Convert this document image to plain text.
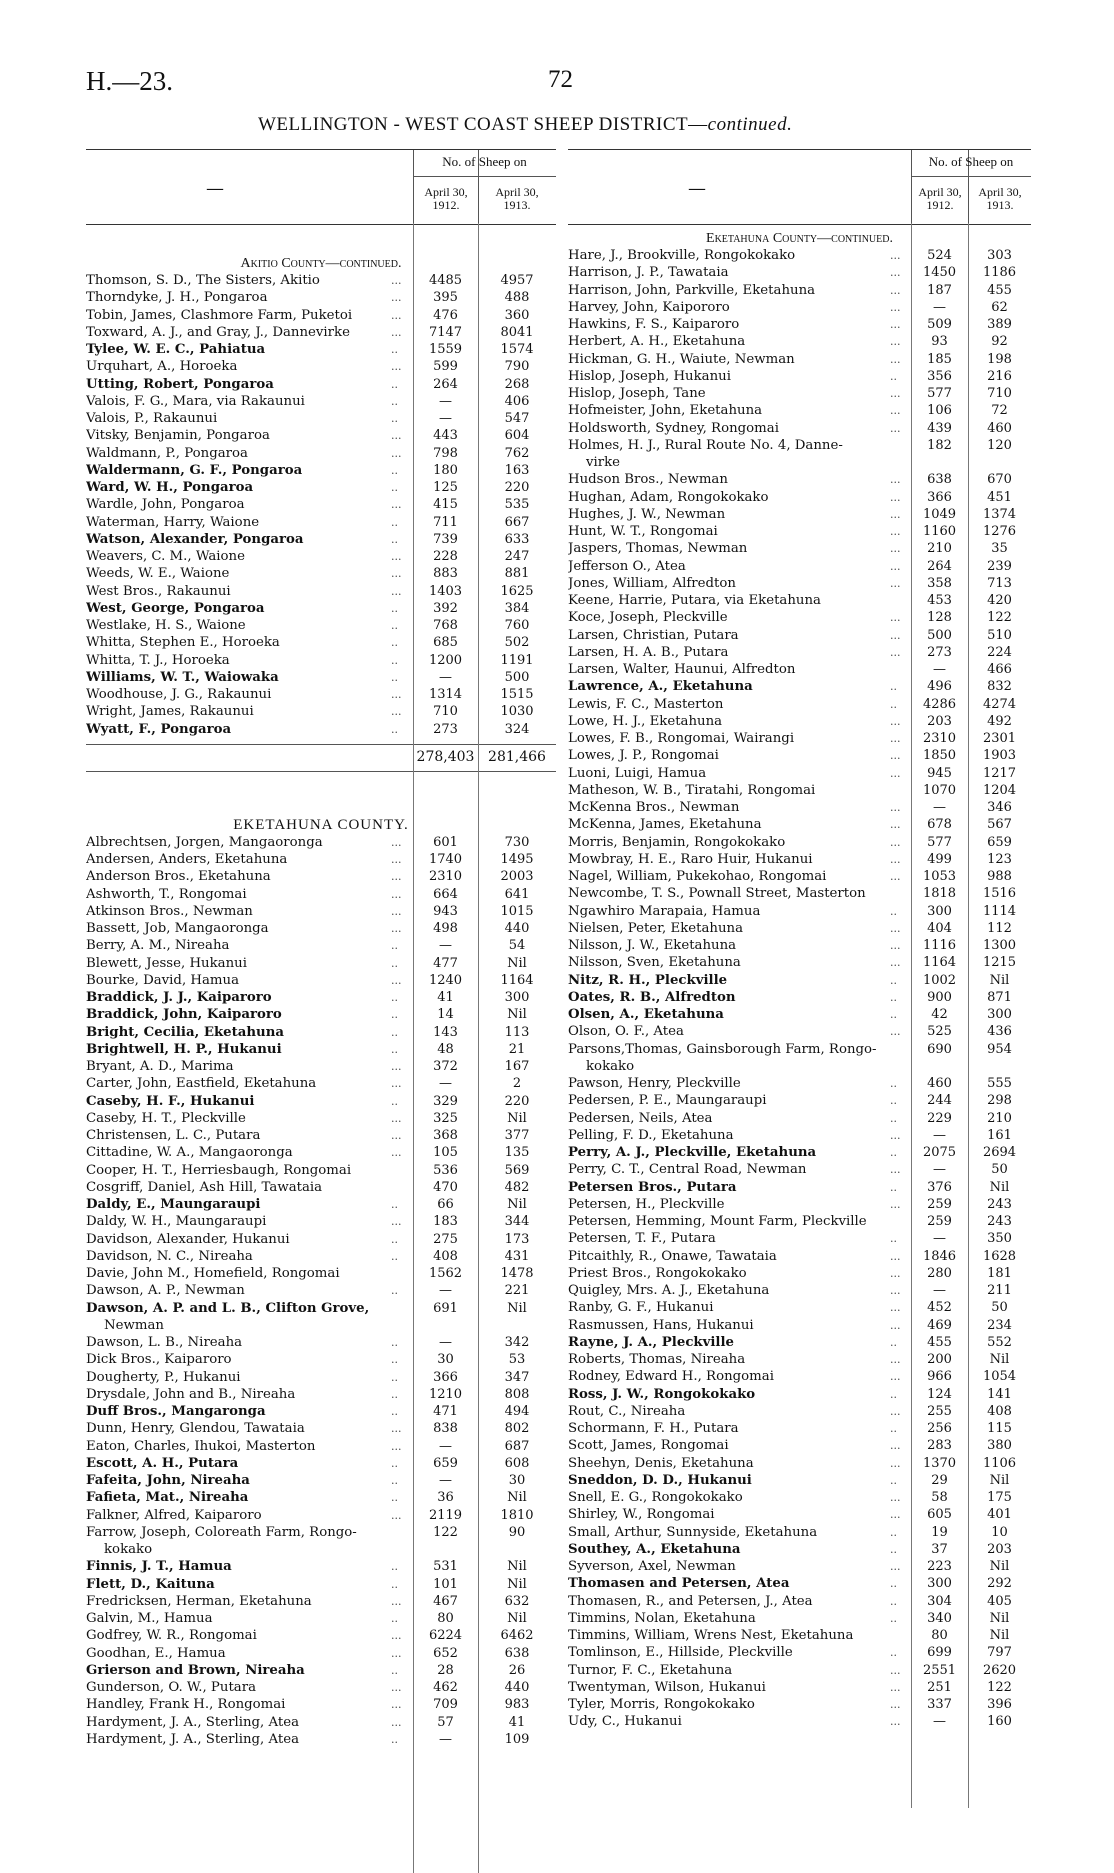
H.—23.	72
WELLINGTON - WEST COAST SHEEP DISTRICT—continued.
—
No. of Sheep on
April 30, 1912.
April 30, 1913.
Akitio County—continued.
Thomson, S. D., The Sisters, Akitio	...	4485	4957
Thorndyke, J. H., Pongaroa	...	395	488
Tobin, James, Clashmore Farm, Puketoi	...	476	360
Toxward, A. J., and Gray, J., Dannevirke	...	7147	8041
Tylee, W. E. C., Pahiatua	..	1559	1574
Urquhart, A., Horoeka	...	599	790
Utting, Robert, Pongaroa	..	264	268
Valois, F. G., Mara, via Rakaunui	..	—	406
Valois, P., Rakaunui	..	—	547
Vitsky, Benjamin, Pongaroa	...	443	604
Waldmann, P., Pongaroa	...	798	762
Waldermann, G. F., Pongaroa	..	180	163
Ward, W. H., Pongaroa	..	125	220
Wardle, John, Pongaroa	...	415	535
Waterman, Harry, Waione	..	711	667
Watson, Alexander, Pongaroa	..	739	633
Weavers, C. M., Waione	...	228	247
Weeds, W. E., Waione	...	883	881
West Bros., Rakaunui	...	1403	1625
West, George, Pongaroa	..	392	384
Westlake, H. S., Waione	..	768	760
Whitta, Stephen E., Horoeka	..	685	502
Whitta, T. J., Horoeka	..	1200	1191
Williams, W. T., Waiowaka	..	—	500
Woodhouse, J. G., Rakaunui	...	1314	1515
Wright, James, Rakaunui	...	710	1030
Wyatt, F., Pongaroa	..	273	324
278,403 281,466
EKETAHUNA COUNTY.
Albrechtsen, Jorgen, Mangaoronga	...	601	730
Andersen, Anders, Eketahuna	...	1740	1495
Anderson Bros., Eketahuna	...	2310	2003
Ashworth, T., Rongomai	...	664	641
Atkinson Bros., Newman	...	943	1015
Bassett, Job, Mangaoronga	...	498	440
Berry, A. M., Nireaha	..	—	54
Blewett, Jesse, Hukanui	..	477	Nil
Bourke, David, Hamua	...	1240	1164
Braddick, J. J., Kaiparoro	..	41	300
Braddick, John, Kaiparoro	..	14	Nil
Bright, Cecilia, Eketahuna	..	143	113
Brightwell, H. P., Hukanui	..	48	21
Bryant, A. D., Marima	...	372	167
Carter, John, Eastfield, Eketahuna	...	—	2
Caseby, H. F., Hukanui	..	329	220
Caseby, H. T., Pleckville	...	325	Nil
Christensen, L. C., Putara	...	368	377
Cittadine, W. A., Mangaoronga	...	105	135
Cooper, H. T., Herriesbaugh, Rongomai	536	569
Cosgriff, Daniel, Ash Hill, Tawataia	470	482
Daldy, E., Maungaraupi	..	66	Nil
Daldy, W. H., Maungaraupi	...	183	344
Davidson, Alexander, Hukanui	..	275	173
Davidson, N. C., Nireaha	..	408	431
Davie, John M., Homefield, Rongomai	1562	1478
Dawson, A. P., Newman	..	—	221
Dawson, A. P. and L. B., Clifton Grove,
Newman
691	Nil
Dawson, L. B., Nireaha	..	—	342
Dick Bros., Kaiparoro	..	30	53
Dougherty, P., Hukanui	..	366	347
Drysdale, John and B., Nireaha	..	1210	808
Duff Bros., Mangaronga	..	471	494
Dunn, Henry, Glendou, Tawataia	...	838	802
Eaton, Charles, Ihukoi, Masterton	...	—	687
Escott, A. H., Putara	..	659	608
Fafeita, John, Nireaha	..	—	30
Fafieta, Mat., Nireaha	..	36	Nil
Falkner, Alfred, Kaiparoro	...	2119	1810
Farrow, Joseph, Coloreath Farm, Rongo-
kokako
122	90
Finnis, J. T., Hamua	..	531	Nil
Flett, D., Kaituna	..	101	Nil
Fredricksen, Herman, Eketahuna	...	467	632
Galvin, M., Hamua	..	80	Nil
Godfrey, W. R., Rongomai	...	6224	6462
Goodhan, E., Hamua	...	652	638
Grierson and Brown, Nireaha	..	28	26
Gunderson, O. W., Putara	...	462	440
Handley, Frank H., Rongomai	...	709	983
Hardyment, J. A., Sterling, Atea	...	57	41
Hardyment, J. A., Sterling, Atea	..	—	109
—
No. of Sheep on
April 30, 1912.
April 30, 1913.
Eketahuna County—continued.
Hare, J., Brookville, Rongokokako	...	524	303
Harrison, J. P., Tawataia	...	1450	1186
Harrison, John, Parkville, Eketahuna	...	187	455
Harvey, John, Kaipororo	...	—	62
Hawkins, F. S., Kaiparoro	...	509	389
Herbert, A. H., Eketahuna	...	93	92
Hickman, G. H., Waiute, Newman	...	185	198
Hislop, Joseph, Hukanui	..	356	216
Hislop, Joseph, Tane	...	577	710
Hofmeister, John, Eketahuna	...	106	72
Holdsworth, Sydney, Rongomai	...	439	460
Holmes, H. J., Rural Route No. 4, Danne-
virke
182	120
Hudson Bros., Newman	...	638	670
Hughan, Adam, Rongokokako	...	366	451
Hughes, J. W., Newman	...	1049	1374
Hunt, W. T., Rongomai	...	1160	1276
Jaspers, Thomas, Newman	...	210	35
Jefferson O., Atea	...	264	239
Jones, William, Alfredton	...	358	713
Keene, Harrie, Putara, via Eketahuna	453	420
Koce, Joseph, Pleckville	...	128	122
Larsen, Christian, Putara	...	500	510
Larsen, H. A. B., Putara	...	273	224
Larsen, Walter, Haunui, Alfredton	—	466
Lawrence, A., Eketahuna	..	496	832
Lewis, F. C., Masterton	..	4286	4274
Lowe, H. J., Eketahuna	...	203	492
Lowes, F. B., Rongomai, Wairangi	...	2310	2301
Lowes, J. P., Rongomai	...	1850	1903
Luoni, Luigi, Hamua	...	945	1217
Matheson, W. B., Tiratahi, Rongomai	1070	1204
McKenna Bros., Newman	...	—	346
McKenna, James, Eketahuna	...	678	567
Morris, Benjamin, Rongokokako	...	577	659
Mowbray, H. E., Raro Huir, Hukanui	...	499	123
Nagel, William, Pukekohao, Rongomai	...	1053	988
Newcombe, T. S., Pownall Street, Masterton	1818	1516
Ngawhiro Marapaia, Hamua	..	300	1114
Nielsen, Peter, Eketahuna	...	404	112
Nilsson, J. W., Eketahuna	...	1116	1300
Nilsson, Sven, Eketahuna	...	1164	1215
Nitz, R. H., Pleckville	..	1002	Nil
Oates, R. B., Alfredton	..	900	871
Olsen, A., Eketahuna	..	42	300
Olson, O. F., Atea	...	525	436
Parsons,Thomas, Gainsborough Farm, Rongo-
kokako
690	954
Pawson, Henry, Pleckville	..	460	555
Pedersen, P. E., Maungaraupi	..	244	298
Pedersen, Neils, Atea	..	229	210
Pelling, F. D., Eketahuna	...	—	161
Perry, A. J., Pleckville, Eketahuna	..	2075	2694
Perry, C. T., Central Road, Newman	...	—	50
Petersen Bros., Putara	..	376	Nil
Petersen, H., Pleckville	...	259	243
Petersen, Hemming, Mount Farm, Pleckville	259	243
Petersen, T. F., Putara	..	—	350
Pitcaithly, R., Onawe, Tawataia	...	1846	1628
Priest Bros., Rongokokako	...	280	181
Quigley, Mrs. A. J., Eketahuna	...	—	211
Ranby, G. F., Hukanui	...	452	50
Rasmussen, Hans, Hukanui	...	469	234
Rayne, J. A., Pleckville	..	455	552
Roberts, Thomas, Nireaha	...	200	Nil
Rodney, Edward H., Rongomai	...	966	1054
Ross, J. W., Rongokokako	..	124	141
Rout, C., Nireaha	...	255	408
Schormann, F. H., Putara	..	256	115
Scott, James, Rongomai	...	283	380
Sheehyn, Denis, Eketahuna	...	1370	1106
Sneddon, D. D., Hukanui	..	29	Nil
Snell, E. G., Rongokokako	...	58	175
Shirley, W., Rongomai	...	605	401
Small, Arthur, Sunnyside, Eketahuna	..	19	10
Southey, A., Eketahuna	..	37	203
Syverson, Axel, Newman	...	223	Nil
Thomasen and Petersen, Atea	..	300	292
Thomasen, R., and Petersen, J., Atea	..	304	405
Timmins, Nolan, Eketahuna	..	340	Nil
Timmins, William, Wrens Nest, Eketahuna	80	Nil
Tomlinson, E., Hillside, Pleckville	..	699	797
Turnor, F. C., Eketahuna	...	2551	2620
Twentyman, Wilson, Hukanui	...	251	122
Tyler, Morris, Rongokokako	...	337	396
Udy, C., Hukanui	...	—	160
